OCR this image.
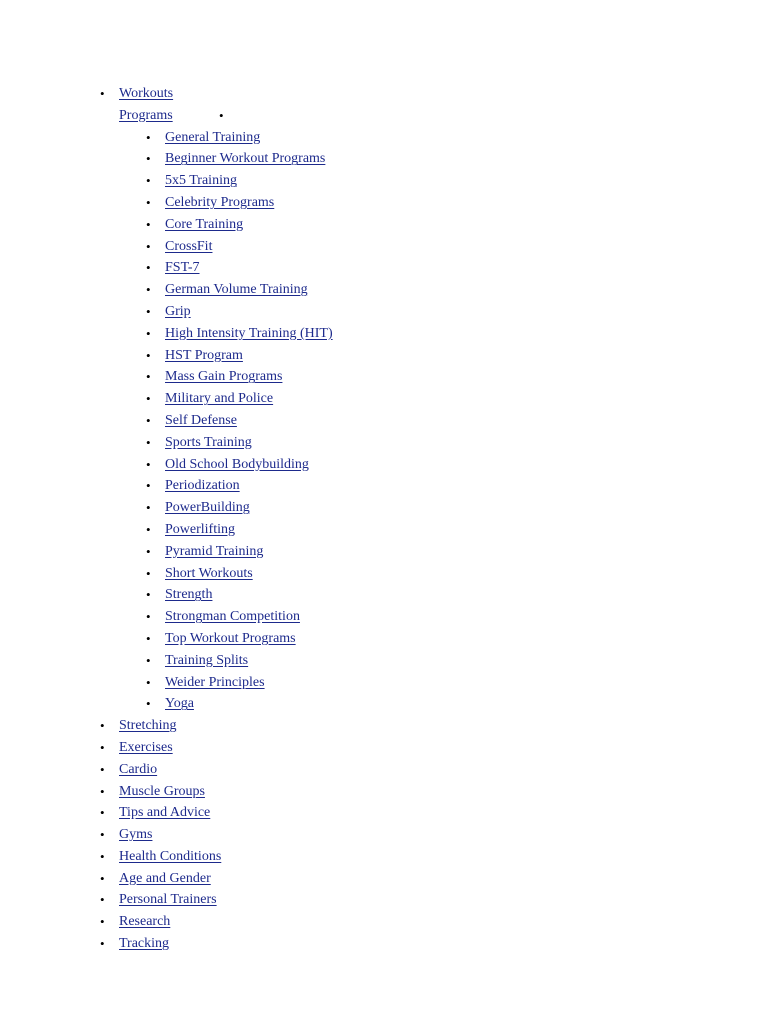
• Workouts
•
Programs
• General Training
• Beginner Workout Programs
• 5x5 Training
• Celebrity Programs
• Core Training
• CrossFit
• FST-7
• German Volume Training
• Grip
• High Intensity Training (HIT)
• HST Program
• Mass Gain Programs
• Military and Police
• Self Defense
• Sports Training
• Old School Bodybuilding
• Periodization
• PowerBuilding
• Powerlifting
• Pyramid Training
• Short Workouts
• Strength
• Strongman Competition
• Top Workout Programs
• Training Splits
• Weider Principles
• Yoga
• Stretching
• Exercises
• Cardio
• Muscle Groups
• Tips and Advice
• Gyms
• Health Conditions
• Age and Gender
• Personal Trainers
• Research
• Tracking
